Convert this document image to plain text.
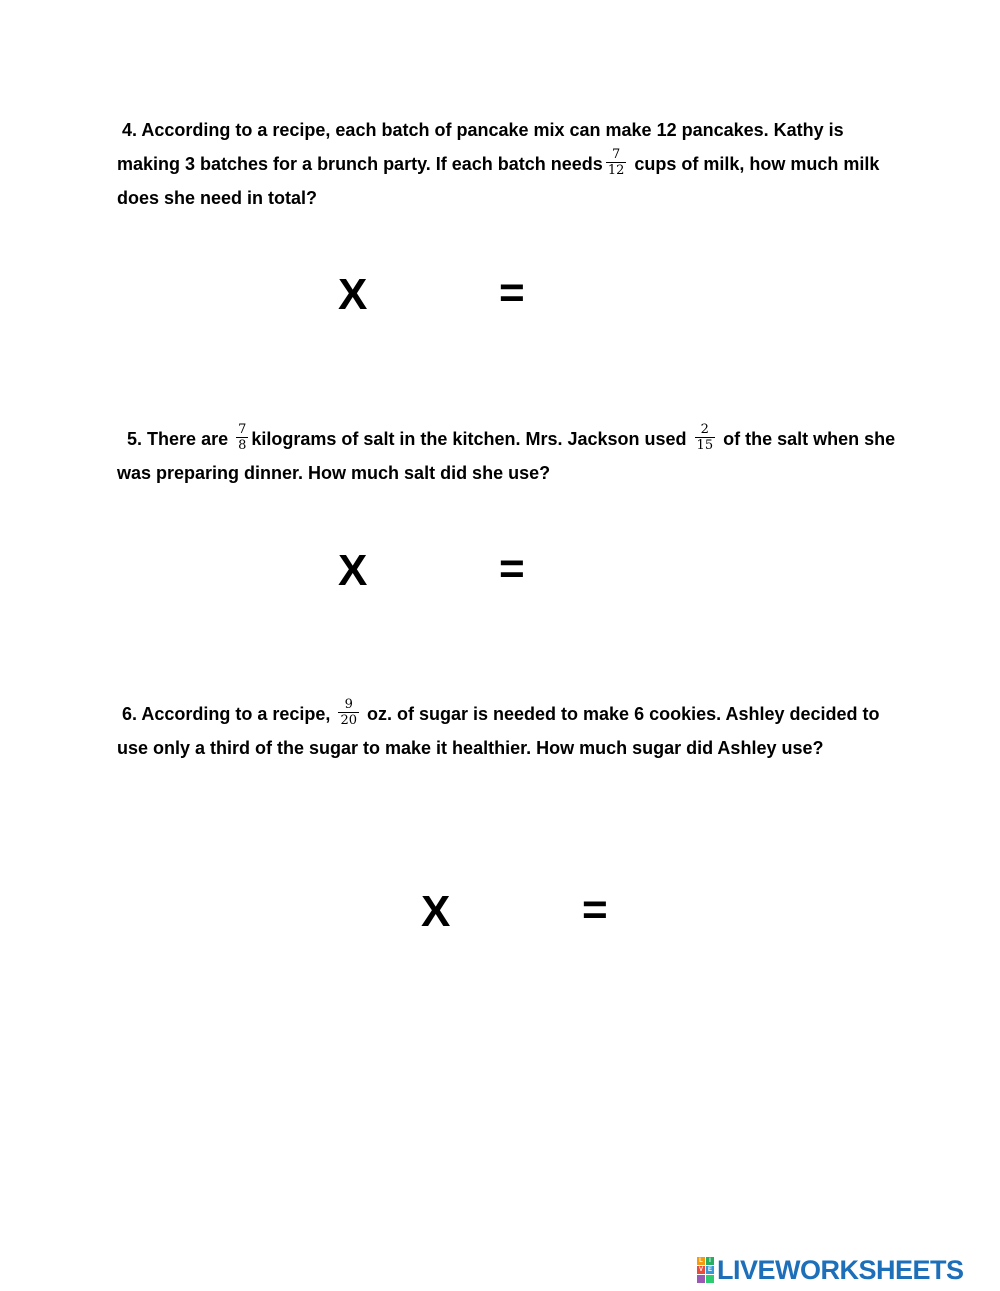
4. According to a recipe, each batch of pancake mix can make 12 pancakes. Kathy is making 3 batches for a brunch party. If each batch needs $\frac{7}{12}$ cups of milk, how much milk does she need in total?
X	=
5. There are $\frac{7}{8}$ kilograms of salt in the kitchen. Mrs. Jackson used $\frac{2}{15}$ of the salt when she was preparing dinner. How much salt did she use?
X	=
6. According to a recipe, $\frac{9}{20}$ oz. of sugar is needed to make 6 cookies. Ashley decided to use only a third of the sugar to make it healthier. How much sugar did Ashley use?
X	=
L	I
V E LIVEWORKSHEETS
